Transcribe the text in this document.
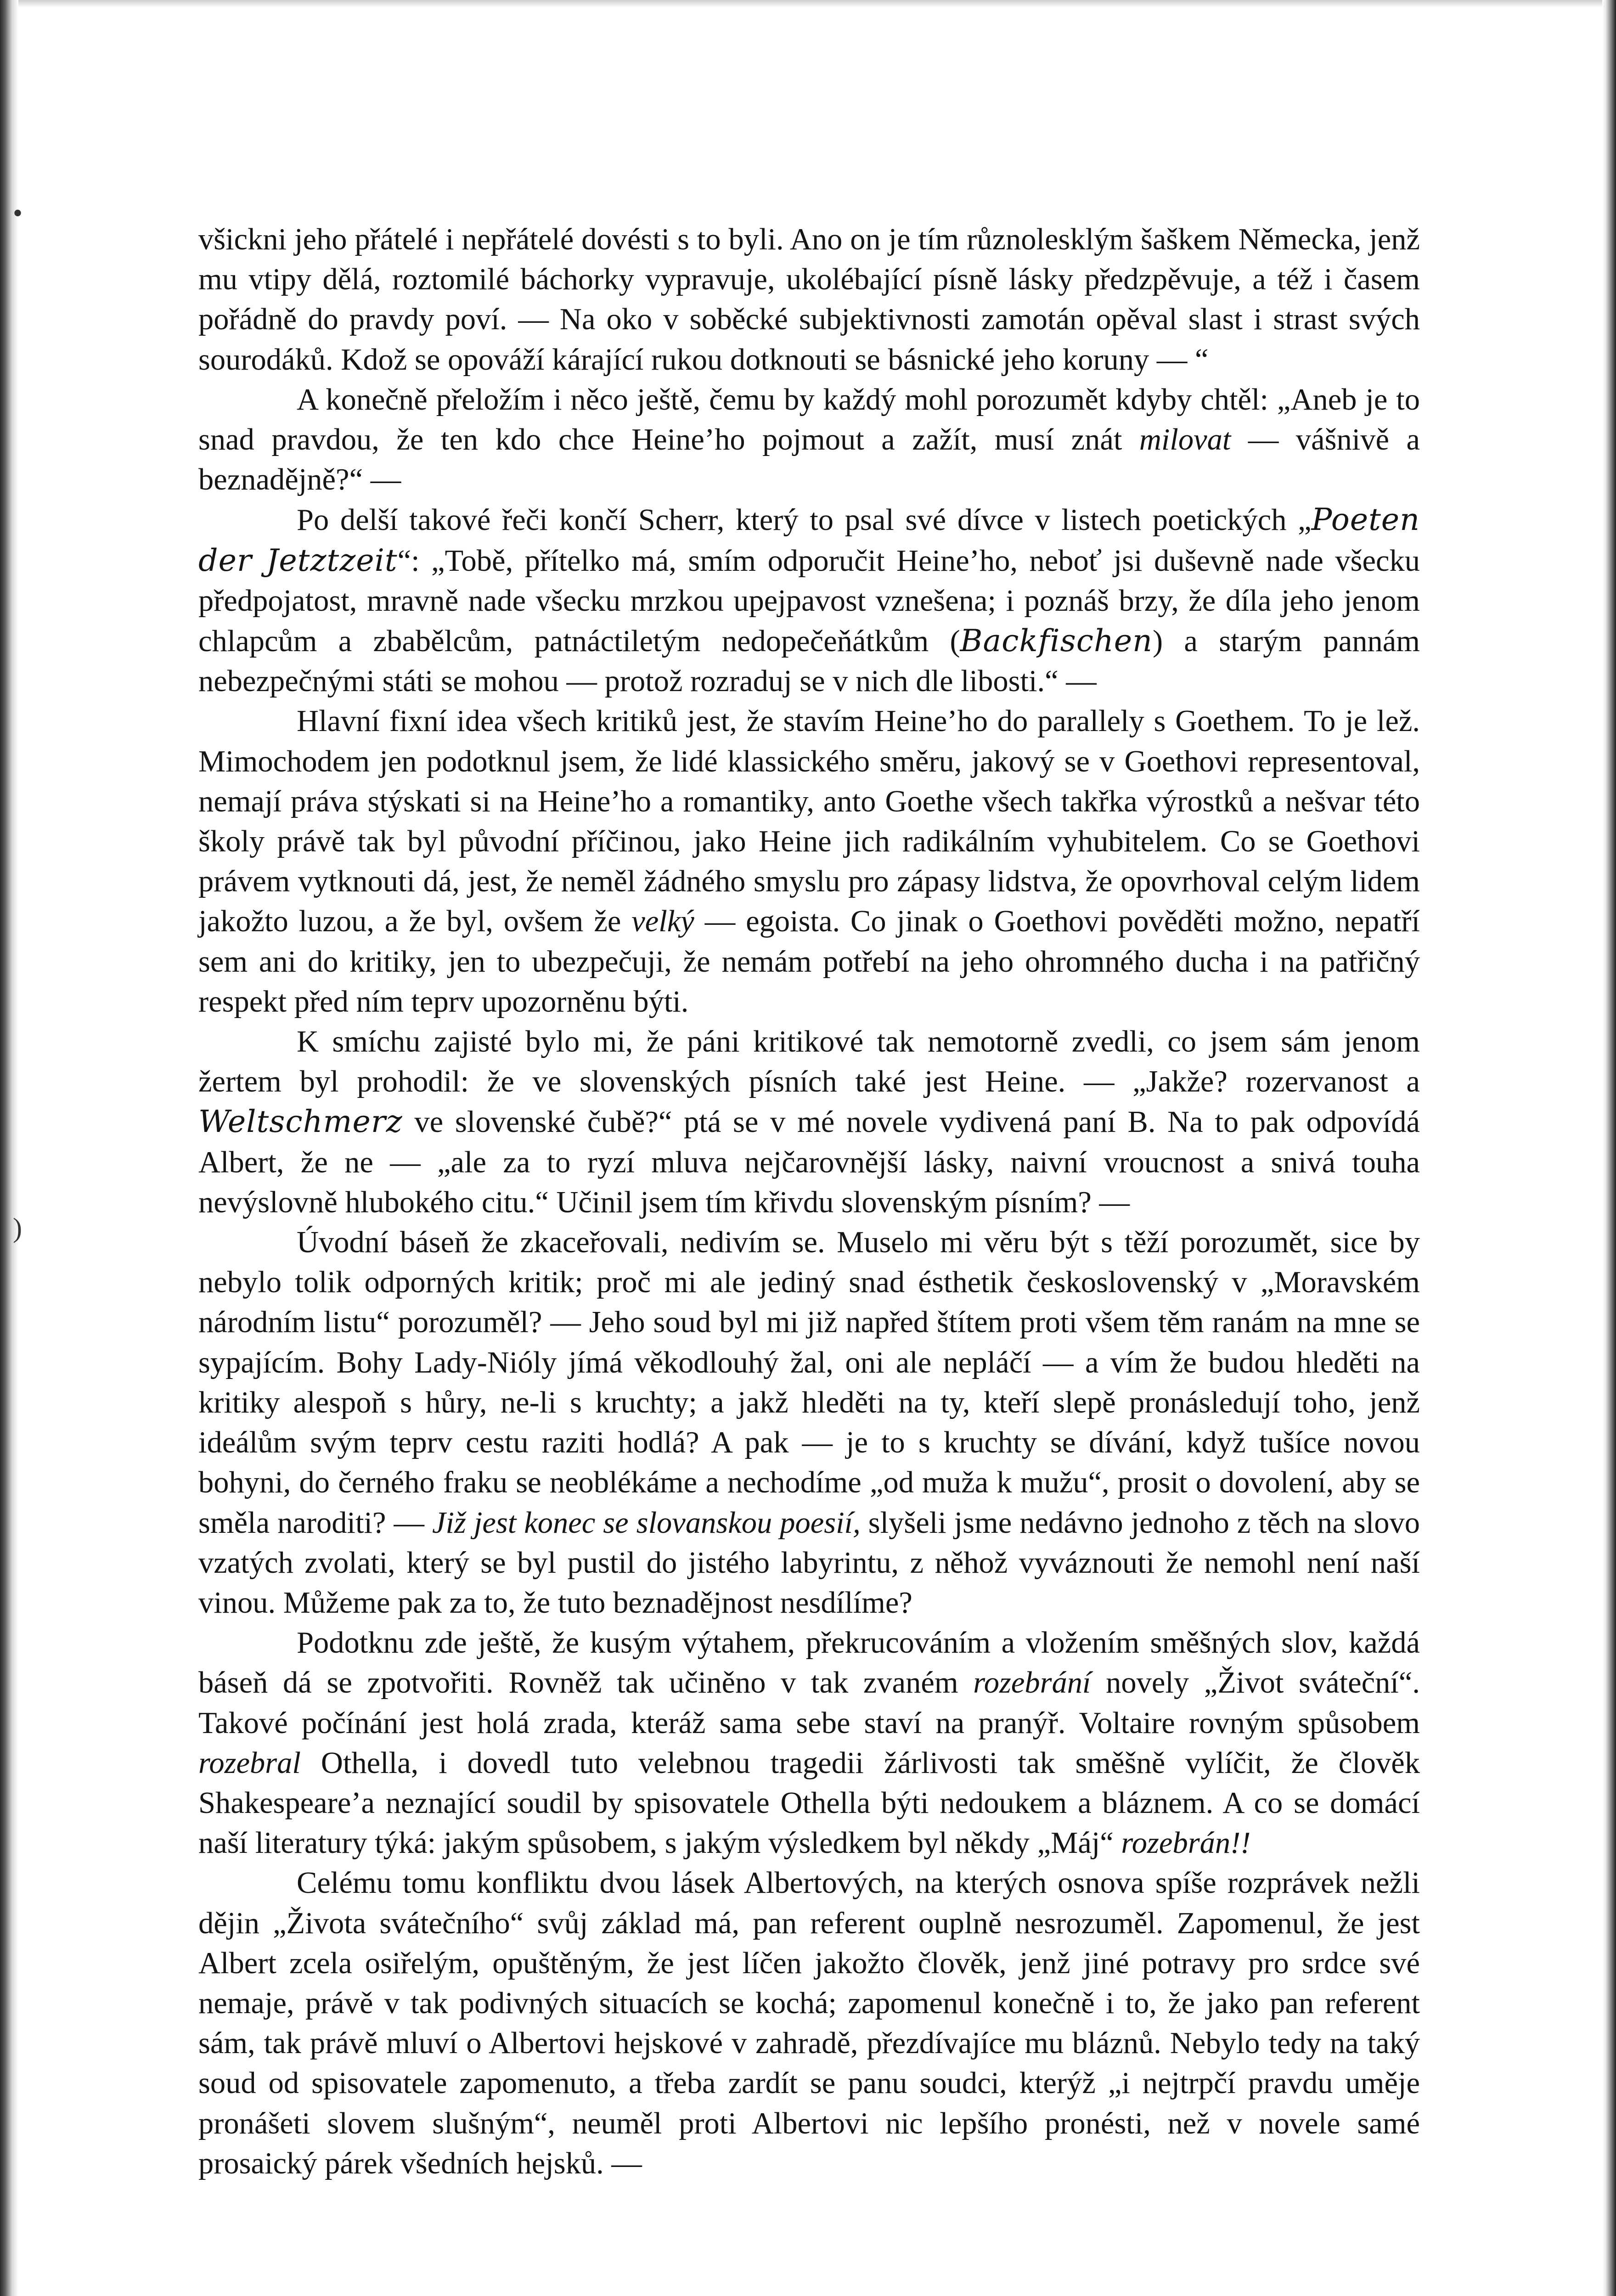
•
)

všickni jeho přátelé i nepřátelé dovésti s to byli. Ano on je tím různolesklým šaškem Německa, jenž mu vtipy dělá, roztomilé báchorky vypravuje, ukolébající písně lásky předzpěvuje, a též i časem pořádně do pravdy poví. — Na oko v soběcké subjektivnosti zamotán opěval slast i strast svých sourodáků. Kdož se opováží kárající rukou dotknouti se básnické jeho koruny — “

A konečně přeložím i něco ještě, čemu by každý mohl porozumět kdyby chtěl: „Aneb je to snad pravdou, že ten kdo chce Heine’ho pojmout a zažít, musí znát milovat — vášnivě a beznadějně?“ —

Po delší takové řeči končí Scherr, který to psal své dívce v listech poetických „Poeten der Jetztzeit“: „Tobě, přítelko má, smím odporučit Heine’ho, neboť jsi duševně nade všecku předpojatost, mravně nade všecku mrzkou upejpavost vznešena; i poznáš brzy, že díla jeho jenom chlapcům a zbabělcům, patnáctiletým nedopečeňátkům (Backfischen) a starým pannám nebezpečnými státi se mohou — protož rozraduj se v nich dle libosti.“ —

Hlavní fixní idea všech kritiků jest, že stavím Heine’ho do parallely s Goethem. To je lež. Mimochodem jen podotknul jsem, že lidé klassického směru, jakový se v Goethovi representoval, nemají práva stýskati si na Heine’ho a romantiky, anto Goethe všech takřka výrostků a nešvar této školy právě tak byl původní příčinou, jako Heine jich radikálním vyhubitelem. Co se Goethovi právem vytknouti dá, jest, že neměl žádného smyslu pro zápasy lidstva, že opovrhoval celým lidem jakožto luzou, a že byl, ovšem že velký — egoista. Co jinak o Goethovi pověděti možno, nepatří sem ani do kritiky, jen to ubezpečuji, že nemám potřebí na jeho ohromného ducha i na patřičný respekt před ním teprv upozorněnu býti.

K smíchu zajisté bylo mi, že páni kritikové tak nemotorně zvedli, co jsem sám jenom žertem byl prohodil: že ve slovenských písních také jest Heine. — „Jakže? rozervanost a Weltschmerz ve slovenské čubě?“ ptá se v mé novele vydivená paní B. Na to pak odpovídá Albert, že ne — „ale za to ryzí mluva nejčarovnější lásky, naivní vroucnost a snivá touha nevýslovně hlubokého citu.“ Učinil jsem tím křivdu slovenským písním? —

Úvodní báseň že zkaceřovali, nedivím se. Muselo mi věru být s těží porozumět, sice by nebylo tolik odporných kritik; proč mi ale jediný snad ésthetik československý v „Moravském národním listu“ porozuměl? — Jeho soud byl mi již napřed štítem proti všem těm ranám na mne se sypajícím. Bohy Lady-Nióly jímá věkodlouhý žal, oni ale nepláčí — a vím že budou hleděti na kritiky alespoň s hůry, ne-li s kruchty; a jakž hleděti na ty, kteří slepě pronásledují toho, jenž ideálům svým teprv cestu raziti hodlá? A pak — je to s kruchty se dívání, když tušíce novou bohyni, do černého fraku se neoblékáme a nechodíme „od muža k mužu“, prosit o dovolení, aby se směla naroditi? — Již jest konec se slovanskou poesií, slyšeli jsme nedávno jednoho z těch na slovo vzatých zvolati, který se byl pustil do jistého labyrintu, z něhož vyváznouti že nemohl není naší vinou. Můžeme pak za to, že tuto beznadějnost nesdílíme?

Podotknu zde ještě, že kusým výtahem, překrucováním a vložením směšných slov, každá báseň dá se zpotvořiti. Rovněž tak učiněno v tak zvaném rozebrání novely „Život sváteční“. Takové počínání jest holá zrada, kteráž sama sebe staví na pranýř. Voltaire rovným spůsobem rozebral Othella, i dovedl tuto velebnou tragedii žárlivosti tak směšně vylíčit, že člověk Shakespeare’a neznající soudil by spisovatele Othella býti nedoukem a bláznem. A co se domácí naší literatury týká: jakým spůsobem, s jakým výsledkem byl někdy „Máj“ rozebrán!!

Celému tomu konfliktu dvou lásek Albertových, na kterých osnova spíše rozprávek nežli dějin „Života svátečního“ svůj základ má, pan referent ouplně nesrozuměl. Zapomenul, že jest Albert zcela osiřelým, opuštěným, že jest líčen jakožto člověk, jenž jiné potravy pro srdce své nemaje, právě v tak podivných situacích se kochá; zapomenul konečně i to, že jako pan referent sám, tak právě mluví o Albertovi hejskové v zahradě, přezdívajíce mu bláznů. Nebylo tedy na taký soud od spisovatele zapomenuto, a třeba zardít se panu soudci, kterýž „i nejtrpčí pravdu uměje pronášeti slovem slušným“, neuměl proti Albertovi nic lepšího pronésti, než v novele samé prosaický párek všedních hejsků. —
